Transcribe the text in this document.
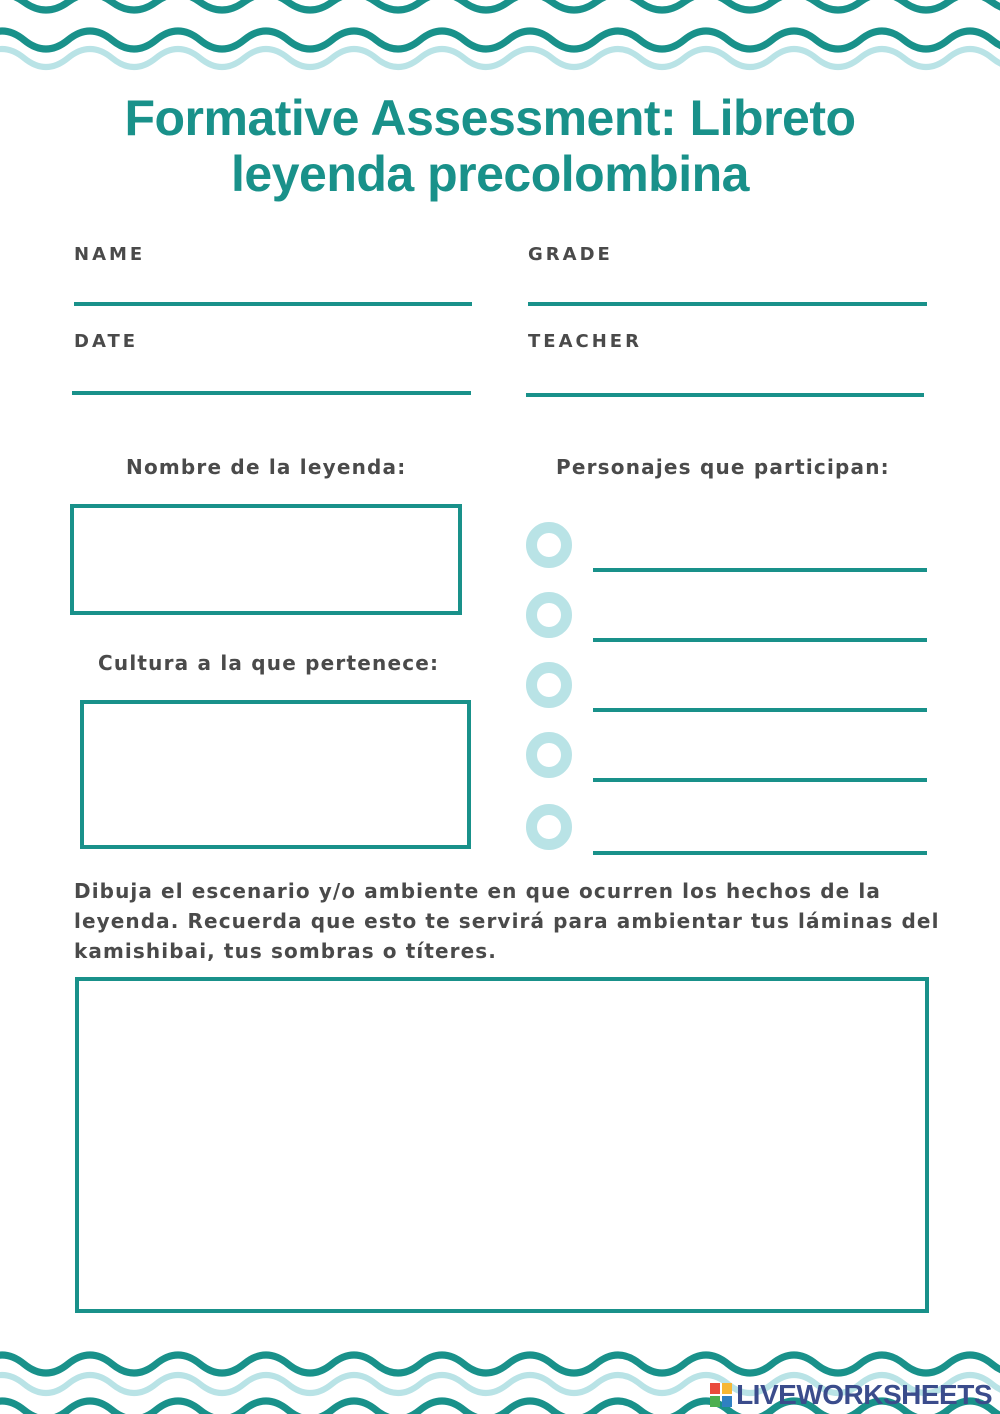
Formative Assessment: Libreto leyenda precolombina
NAME	GRADE
DATE	TEACHER
Nombre de la leyenda:
Cultura a la que pertenece:
Personajes que participan:

Dibuja el escenario y/o ambiente en que ocurren los hechos de la leyenda. Recuerda que esto te servirá para ambientar tus láminas del kamishibai, tus sombras o títeres.

LIVEWORKSHEETS
